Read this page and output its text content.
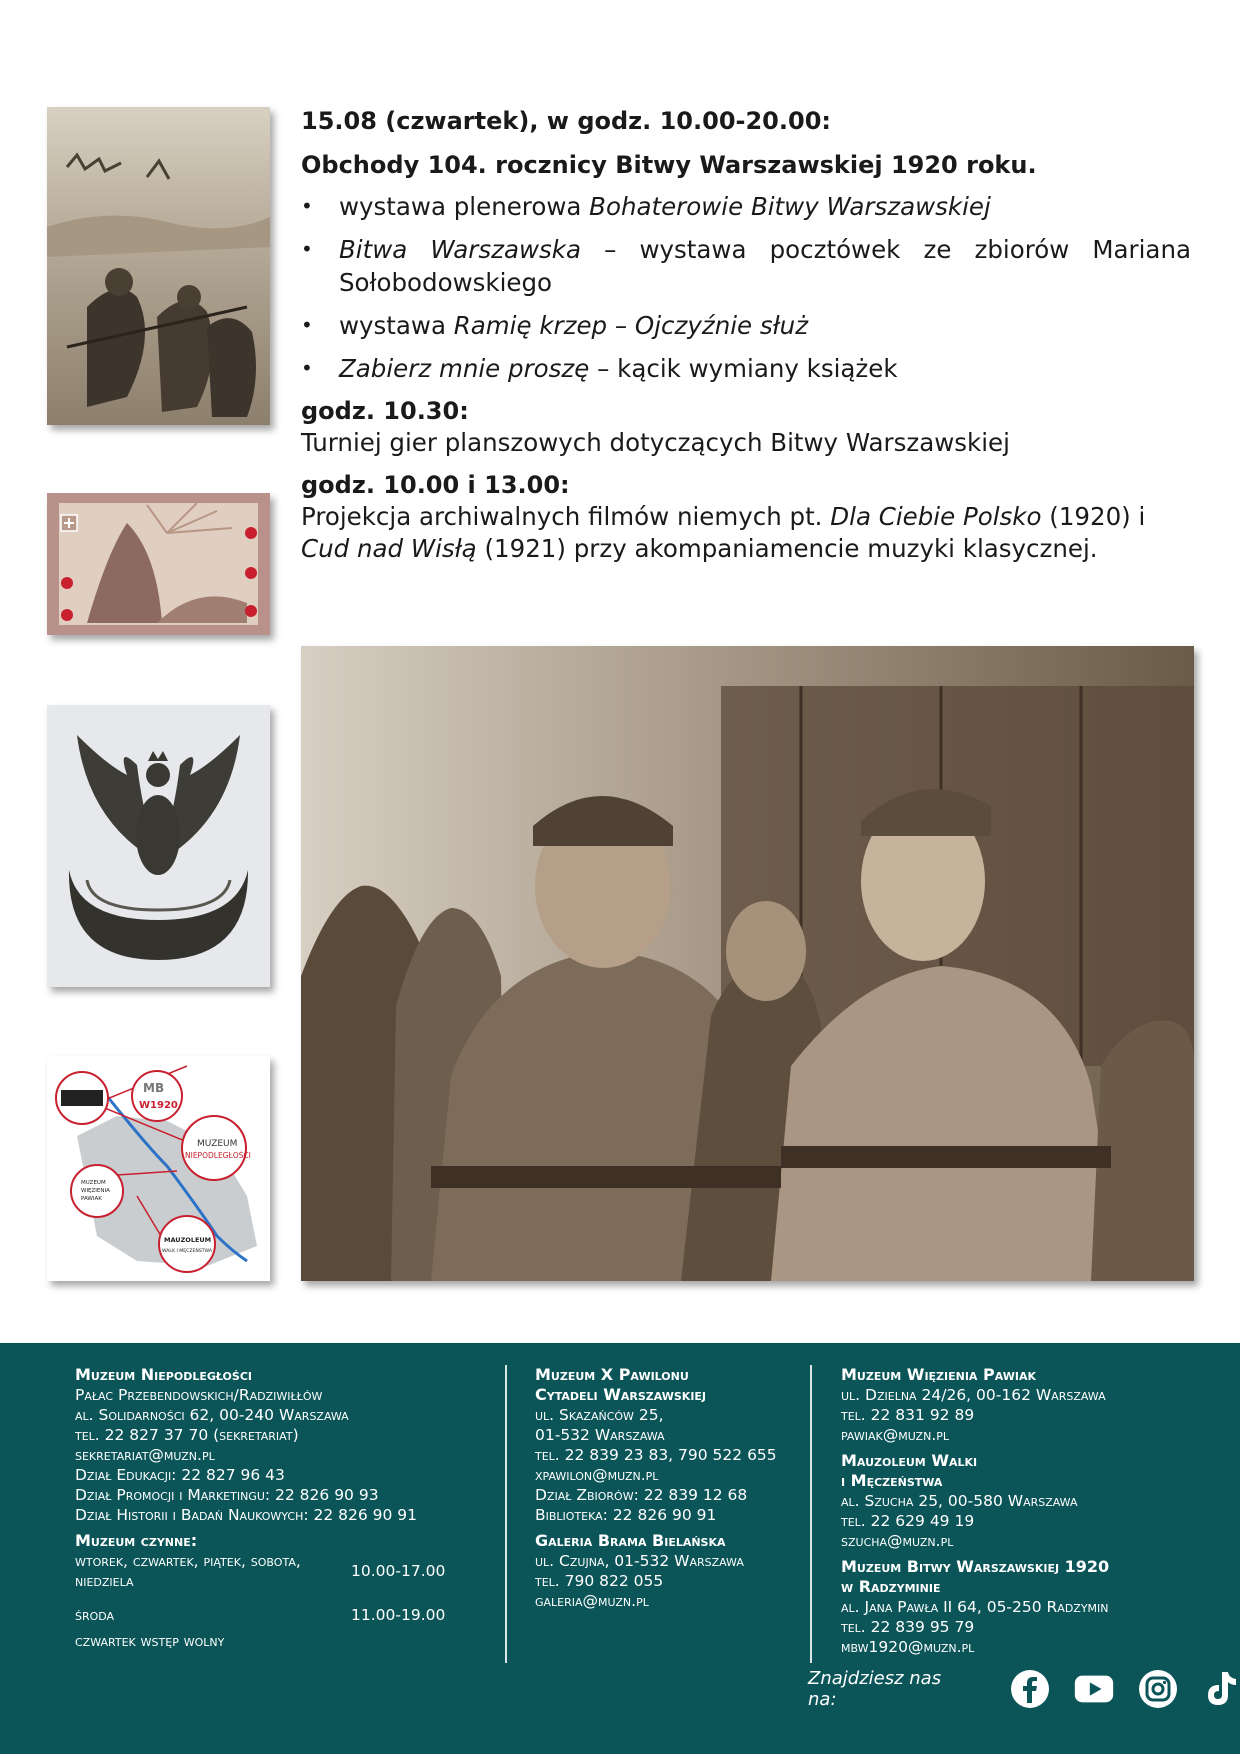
MB
W1920
MUZEUM
NIEPODLEGŁOŚCI
MUZEUM
WIĘZIENIA
PAWIAK
MAUZOLEUM
WALK I MĘCZEŃSTWA
15.08 (czwartek), w godz. 10.00-20.00:
Obchody 104. rocznicy Bitwy Warszawskiej 1920 roku.
• wystawa plenerowa Bohaterowie Bitwy Warszawskiej
• Bitwa Warszawska – wystawa pocztówek ze zbiorów Mariana Sołobodowskiego
• wystawa Ramię krzep – Ojczyźnie służ
• Zabierz mnie proszę – kącik wymiany książek
godz. 10.30:
Turniej gier planszowych dotyczących Bitwy Warszawskiej
godz. 10.00 i 13.00:
Projekcja archiwalnych filmów niemych pt. Dla Ciebie Polsko (1920) i Cud nad Wisłą (1921) przy akompaniamencie muzyki klasycznej.
Muzeum Niepodległości
Pałac Przebendowskich/Radziwiłłów
al. Solidarności 62, 00-240 Warszawa
tel. 22 827 37 70 (sekretariat)
sekretariat@muzn.pl
Dział Edukacji: 22 827 96 43
Dział Promocji i Marketingu: 22 826 90 93
Dział Historii i Badań Naukowych: 22 826 90 91
Muzeum czynne:
wtorek, czwartek, piątek, sobota, niedziela
10.00-17.00
środa	11.00-19.00
czwartek wstęp wolny
Muzeum X Pawilonu
Cytadeli Warszawskiej
ul. Skazańców 25,
01-532 Warszawa
tel. 22 839 23 83, 790 522 655
xpawilon@muzn.pl
Dział Zbiorów: 22 839 12 68
Biblioteka: 22 826 90 91
Galeria Brama Bielańska
ul. Czujna, 01-532 Warszawa
tel. 790 822 055
galeria@muzn.pl
Muzeum Więzienia Pawiak
ul. Dzielna 24/26, 00-162 Warszawa
tel. 22 831 92 89
pawiak@muzn.pl
Mauzoleum Walki
i Męczeństwa
al. Szucha 25, 00-580 Warszawa
tel. 22 629 49 19
szucha@muzn.pl
Muzeum Bitwy Warszawskiej 1920
w Radzyminie
al. Jana Pawła II 64, 05-250 Radzymin
tel. 22 839 95 79
mbw1920@muzn.pl
Znajdziesz nas na:
